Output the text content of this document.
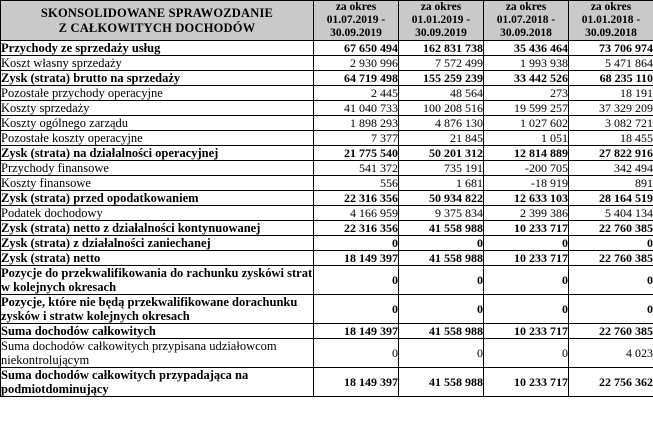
SKONSOLIDOWANE SPRAWOZDANIE
Z CAŁKOWITYCH DOCHODÓW	za okres
01.07.2019 -
30.09.2019	za okres
01.01.2019 -
30.09.2019	za okres
01.07.2018 -
30.09.2018	za okres
01.01.2018 -
30.09.2018

Przychody ze sprzedaży usług	67 650 494	162 831 738	35 436 464	73 706 974
Koszt własny sprzedaży	2 930 996	7 572 499	1 993 938	5 471 864
Zysk (strata) brutto na sprzedaży	64 719 498	155 259 239	33 442 526	68 235 110
Pozostałe przychody operacyjne	2 445	48 564	273	18 191
Koszty sprzedaży	41 040 733	100 208 516	19 599 257	37 329 209
Koszty ogólnego zarządu	1 898 293	4 876 130	1 027 602	3 082 721
Pozostałe koszty operacyjne	7 377	21 845	1 051	18 455
Zysk (strata) na działalności operacyjnej	21 775 540	50 201 312	12 814 889	27 822 916
Przychody finansowe	541 372	735 191	-200 705	342 494
Koszty finansowe	556	1 681	-18 919	891
Zysk (strata) przed opodatkowaniem	22 316 356	50 934 822	12 633 103	28 164 519
Podatek dochodowy	4 166 959	9 375 834	2 399 386	5 404 134
Zysk (strata) netto z działalności kontynuowanej	22 316 356	41 558 988	10 233 717	22 760 385
Zysk (strata) z działalności zaniechanej	0	0	0	0
Zysk (strata) netto	18 149 397	41 558 988	10 233 717	22 760 385
Pozycje do przekwalifikowania do rachunku zyskówi strat w kolejnych okresach	0	0	0	0
Pozycje, które nie będą przekwalifikowane dorachunku zysków i stratw kolejnych okresach	0	0	0	0
Suma dochodów całkowitych	18 149 397	41 558 988	10 233 717	22 760 385

Suma dochodów całkowitych przypisana udziałowcom
niekontrolującym	0	0	0	4 023
Suma dochodów całkowitych przypadająca na podmiotdominujący	18 149 397	41 558 988	10 233 717	22 756 362
